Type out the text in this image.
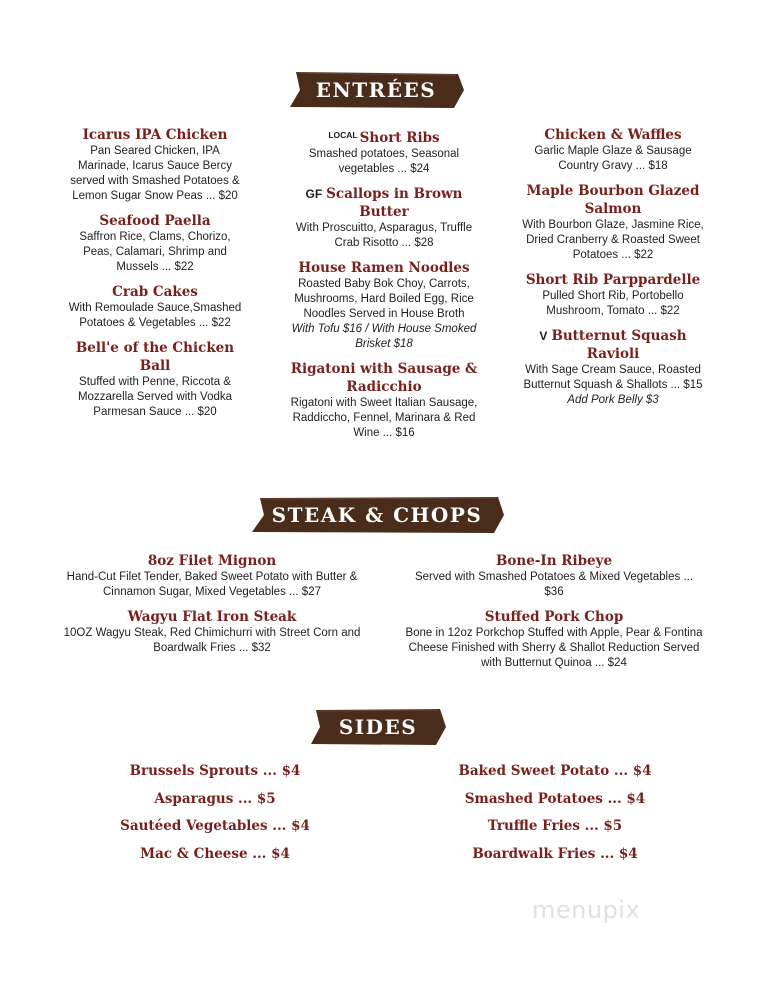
ENTRÉES
Icarus IPA Chicken
Pan Seared Chicken, IPA Marinade, Icarus Sauce Bercy served with Smashed Potatoes & Lemon Sugar Snow Peas ... $20
Seafood Paella
Saffron Rice, Clams, Chorizo, Peas, Calamari, Shrimp and Mussels ... $22
Crab Cakes
With Remoulade Sauce,Smashed Potatoes & Vegetables ... $22
Bell'e of the Chicken Ball
Stuffed with Penne, Riccota & Mozzarella Served with Vodka Parmesan Sauce ... $20
$^{LOCAL}$ Short Ribs
Smashed potatoes, Seasonal vegetables ... $24
GF Scallops in Brown Butter
With Proscuitto, Asparagus, Truffle Crab Risotto ... $28
House Ramen Noodles
Roasted Baby Bok Choy, Carrots, Mushrooms, Hard Boiled Egg, Rice Noodles Served in House Broth
With Tofu $16 / With House Smoked Brisket $18
Rigatoni with Sausage & Radicchio
Rigatoni with Sweet Italian Sausage, Raddiccho, Fennel, Marinara & Red Wine ... $16
Chicken & Waffles
Garlic Maple Glaze & Sausage Country Gravy ... $18
Maple Bourbon Glazed Salmon
With Bourbon Glaze, Jasmine Rice, Dried Cranberry & Roasted Sweet Potatoes ... $22
Short Rib Parppardelle
Pulled Short Rib, Portobello Mushroom, Tomato ... $22
V Butternut Squash Ravioli
With Sage Cream Sauce, Roasted Butternut Squash & Shallots ... $15
Add Pork Belly $3
STEAK & CHOPS
8oz Filet Mignon
Hand-Cut Filet Tender, Baked Sweet Potato with Butter & Cinnamon Sugar, Mixed Vegetables ... $27
Wagyu Flat Iron Steak
10OZ Wagyu Steak, Red Chimichurri with Street Corn and Boardwalk Fries ... $32
Bone-In Ribeye
Served with Smashed Potatoes & Mixed Vegetables ... $36
Stuffed Pork Chop
Bone in 12oz Porkchop Stuffed with Apple, Pear & Fontina Cheese Finished with Sherry & Shallot Reduction Served with Butternut Quinoa ... $24
SIDES
Brussels Sprouts ... $4
Asparagus ... $5
Sautéed Vegetables ... $4
Mac & Cheese ... $4
Baked Sweet Potato ... $4
Smashed Potatoes ... $4
Truffle Fries ... $5
Boardwalk Fries ... $4
menupix
